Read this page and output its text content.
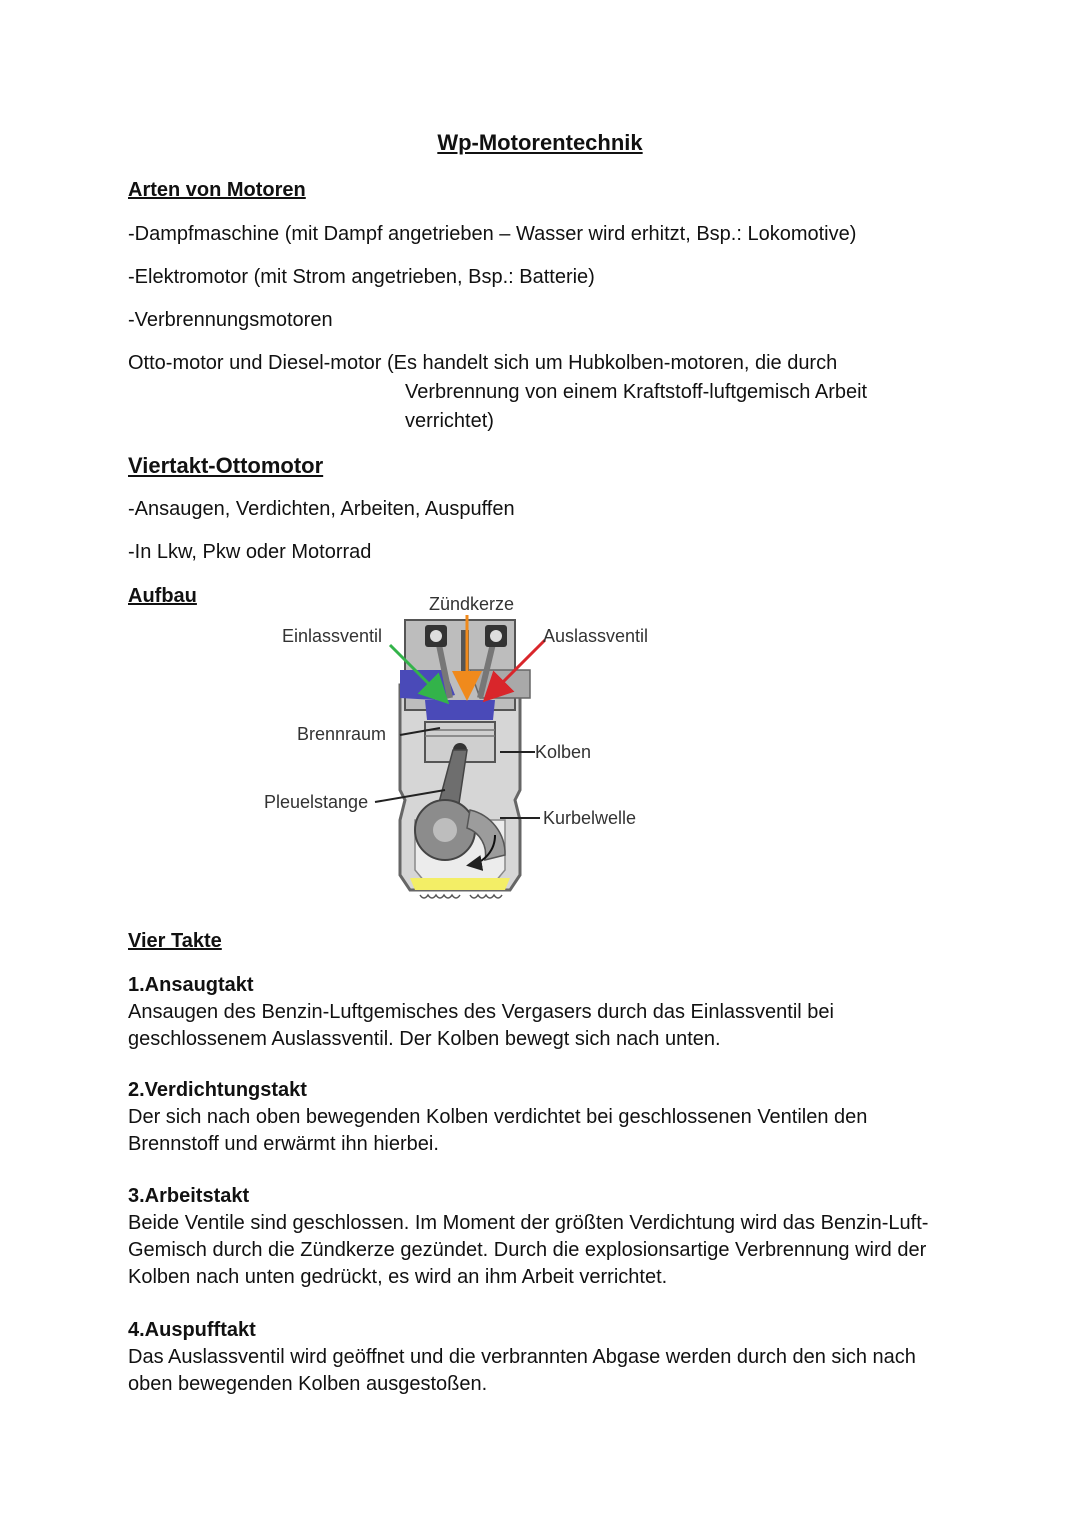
Wp-Motorentechnik
Arten von Motoren
-Dampfmaschine (mit Dampf angetrieben – Wasser wird erhitzt, Bsp.: Lokomotive)
-Elektromotor (mit Strom angetrieben, Bsp.: Batterie)
-Verbrennungsmotoren
Otto-motor und Diesel-motor (Es handelt sich um Hubkolben-motoren, die durch
Verbrennung von einem Kraftstoff-luftgemisch Arbeit
verrichtet)
Viertakt-Ottomotor
-Ansaugen, Verdichten, Arbeiten, Auspuffen
-In Lkw, Pkw oder Motorrad
Aufbau	Zündkerze
Einlassventil	Auslassventil
Brennraum
Kolben
Pleuelstange
Kurbelwelle
Vier Takte
1.Ansaugtakt
Ansaugen des Benzin-Luftgemisches des Vergasers durch das Einlassventil bei geschlossenem Auslassventil. Der Kolben bewegt sich nach unten.
2.Verdichtungstakt
Der sich nach oben bewegenden Kolben verdichtet bei geschlossenen Ventilen den Brennstoff und erwärmt ihn hierbei.
3.Arbeitstakt
Beide Ventile sind geschlossen. Im Moment der größten Verdichtung wird das Benzin-Luft-Gemisch durch die Zündkerze gezündet. Durch die explosionsartige Verbrennung wird der Kolben nach unten gedrückt, es wird an ihm Arbeit verrichtet.
4.Auspufftakt
Das Auslassventil wird geöffnet und die verbrannten Abgase werden durch den sich nach oben bewegenden Kolben ausgestoßen.
